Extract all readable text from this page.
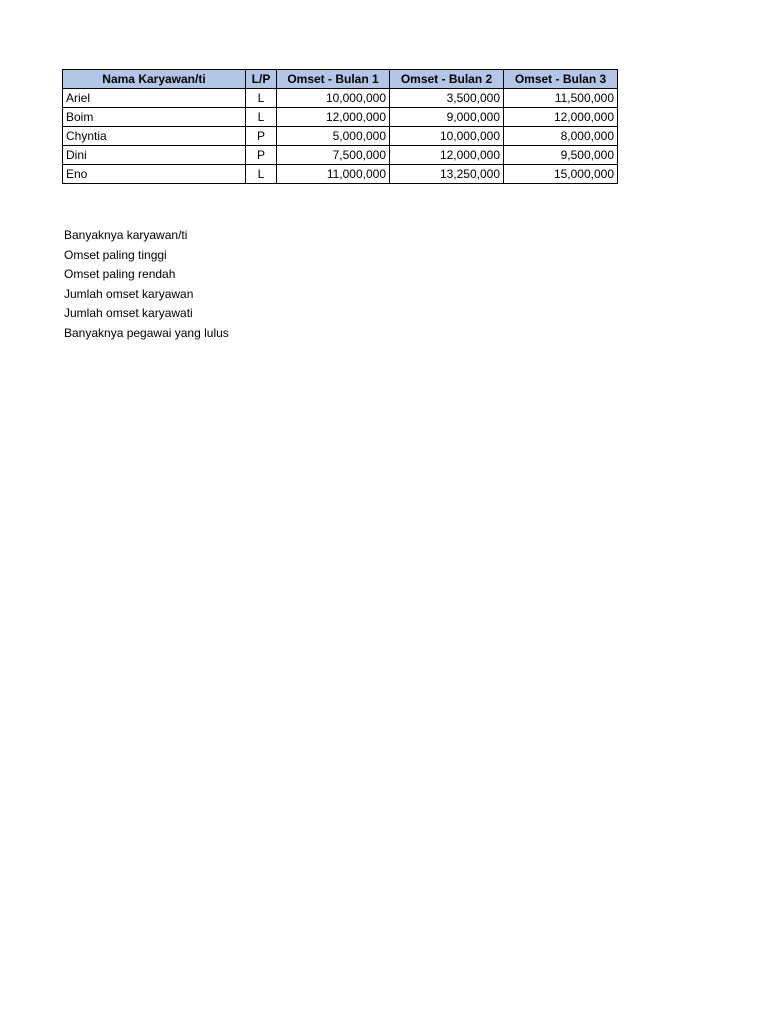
Nama Karyawan/ti	L/P	Omset - Bulan 1	Omset - Bulan 2	Omset - Bulan 3
Ariel	L	10,000,000	3,500,000	11,500,000
Boim	L	12,000,000	9,000,000	12,000,000
Chyntia	P	5,000,000	10,000,000	8,000,000
Dini	P	7,500,000	12,000,000	9,500,000
Eno	L	11,000,000	13,250,000	15,000,000
Banyaknya karyawan/ti
Omset paling tinggi
Omset paling rendah
Jumlah omset karyawan
Jumlah omset karyawati
Banyaknya pegawai yang lulus
